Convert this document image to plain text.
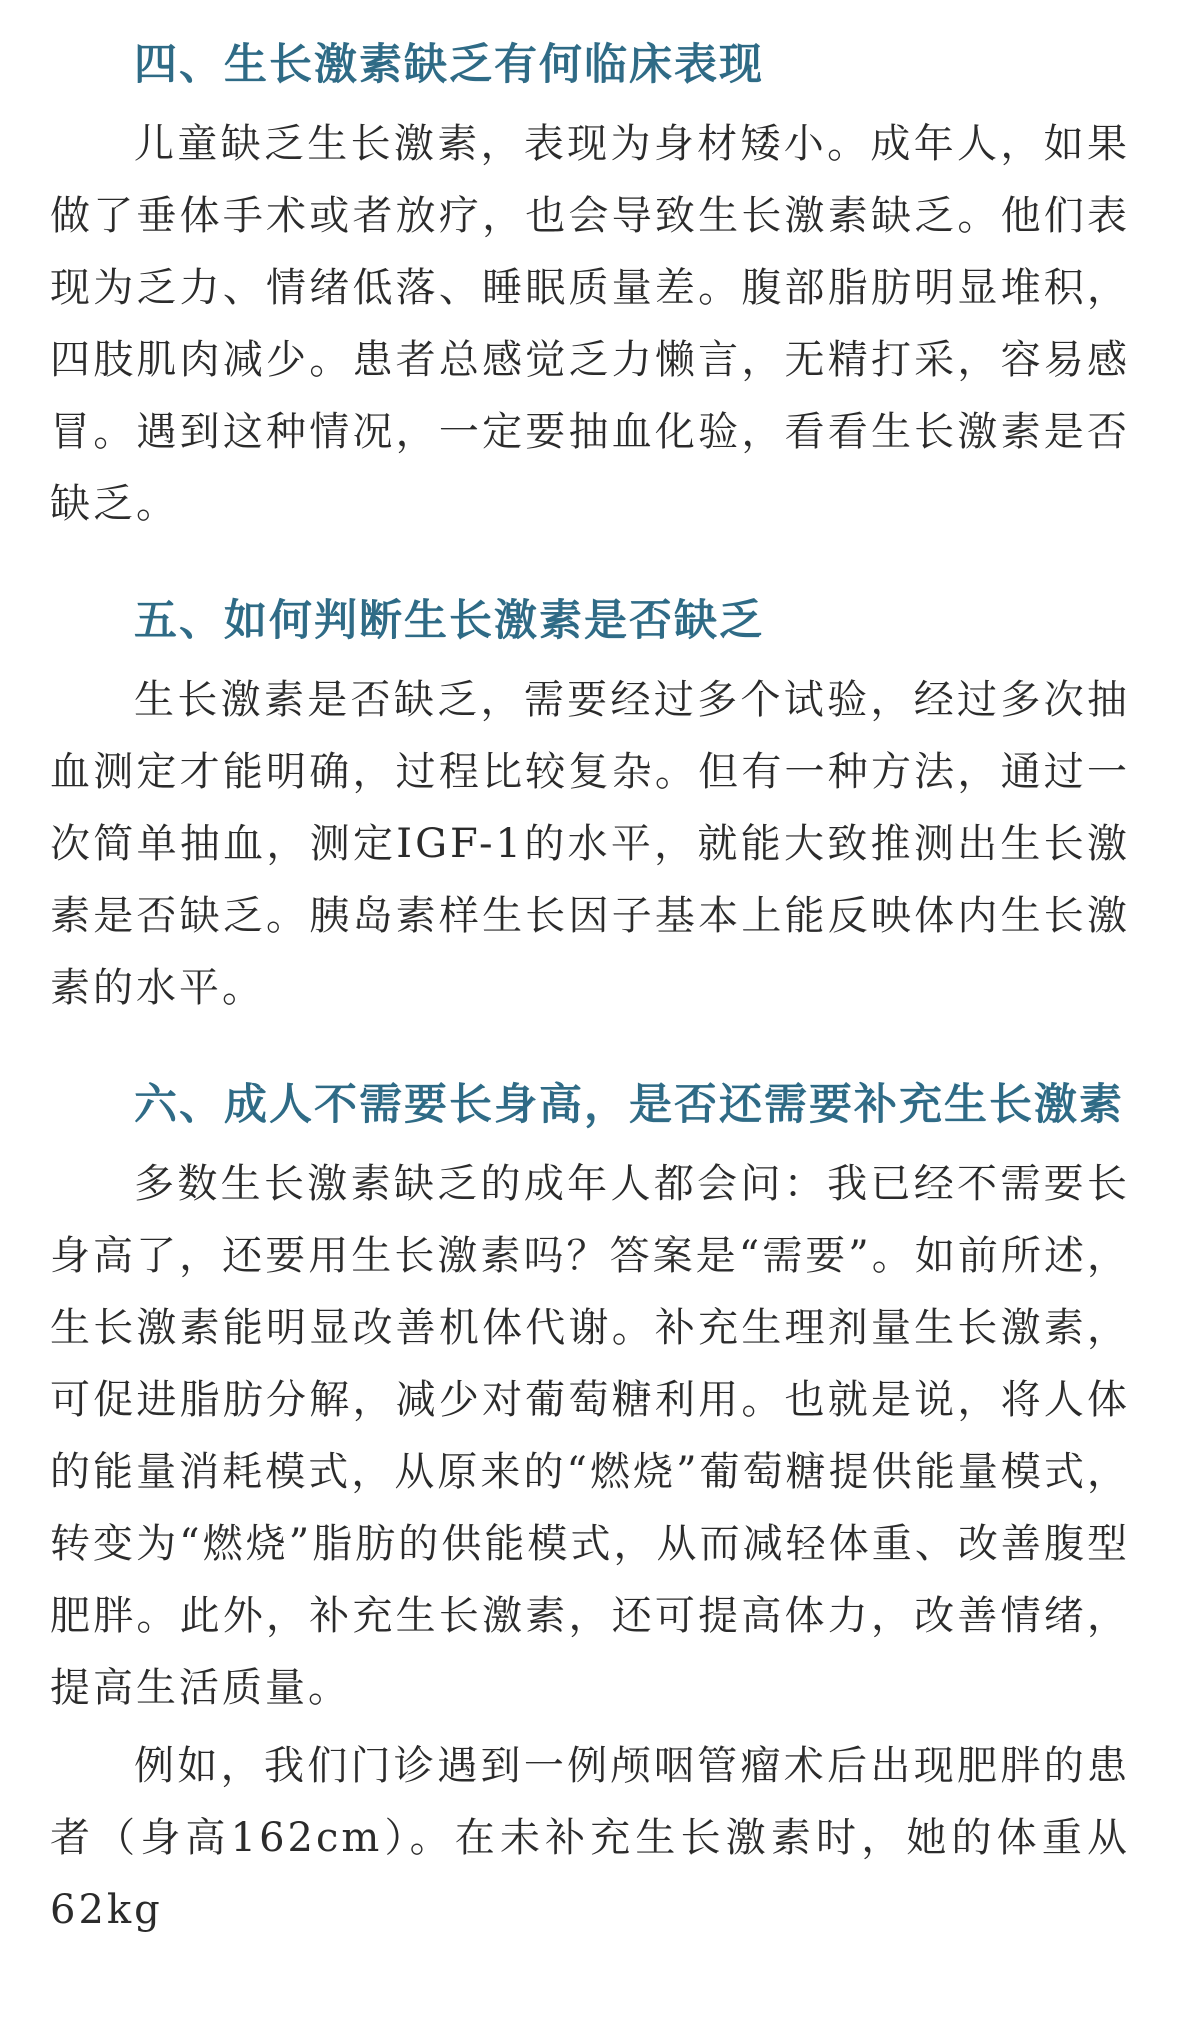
四、生长激素缺乏有何临床表现

儿童缺乏生长激素，表现为身材矮小。成年人，如果做了垂体手术或者放疗，也会导致生长激素缺乏。他们表现为乏力、情绪低落、睡眠质量差。腹部脂肪明显堆积，四肢肌肉减少。患者总感觉乏力懒言，无精打采，容易感冒。遇到这种情况，一定要抽血化验，看看生长激素是否缺乏。

五、如何判断生长激素是否缺乏

生长激素是否缺乏，需要经过多个试验，经过多次抽血测定才能明确，过程比较复杂。但有一种方法，通过一次简单抽血，测定IGF-1的水平，就能大致推测出生长激素是否缺乏。胰岛素样生长因子基本上能反映体内生长激素的水平。

六、成人不需要长身高，是否还需要补充生长激素

多数生长激素缺乏的成年人都会问：我已经不需要长身高了，还要用生长激素吗？答案是“需要”。如前所述，生长激素能明显改善机体代谢。补充生理剂量生长激素，可促进脂肪分解，减少对葡萄糖利用。也就是说，将人体的能量消耗模式，从原来的“燃烧”葡萄糖提供能量模式，转变为“燃烧”脂肪的供能模式，从而减轻体重、改善腹型肥胖。此外，补充生长激素，还可提高体力，改善情绪，提高生活质量。

例如，我们门诊遇到一例颅咽管瘤术后出现肥胖的患者（身高162cm）。在未补充生长激素时，她的体重从62kg
